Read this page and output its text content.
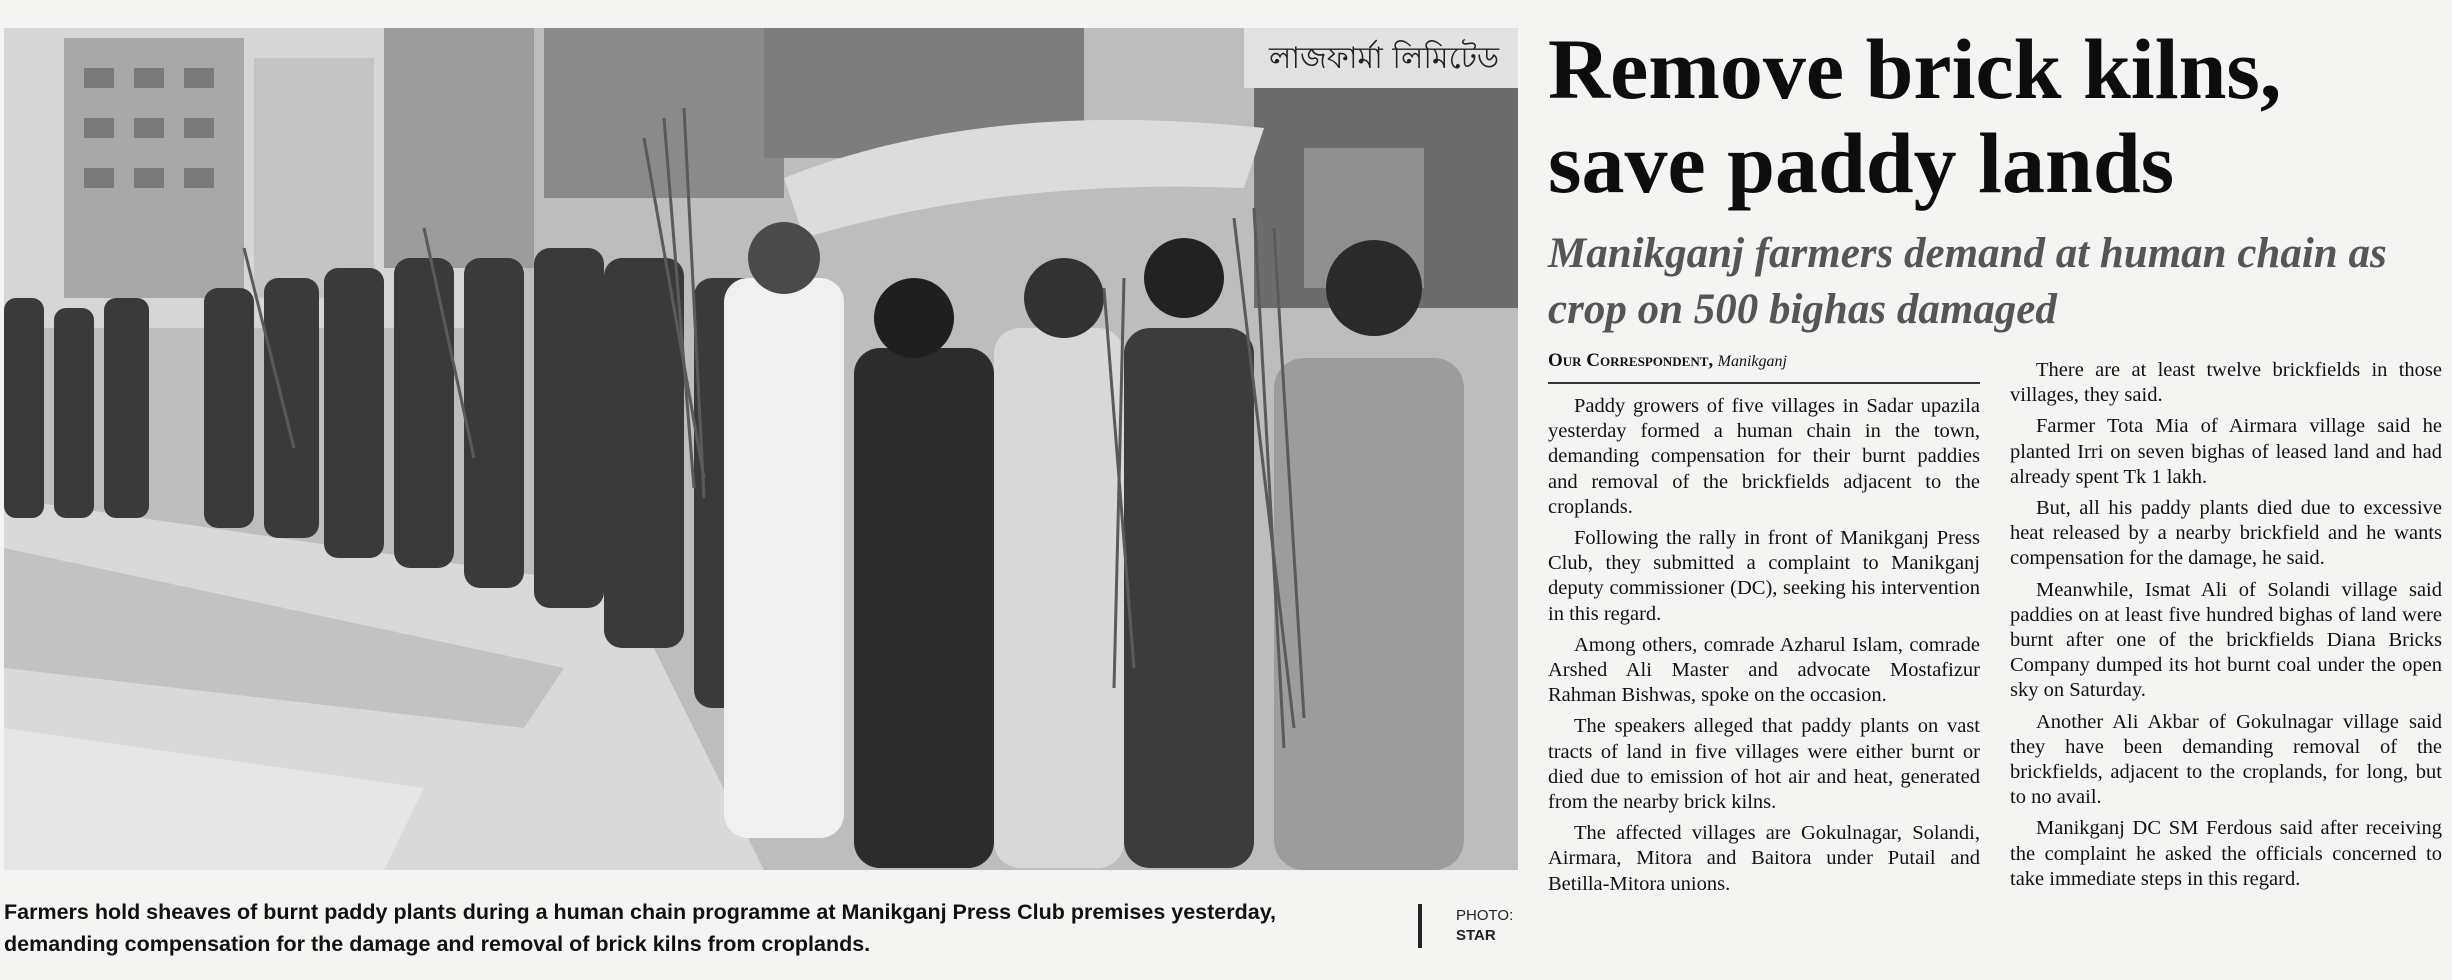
লাজফার্মা লিমিটেড
Farmers hold sheaves of burnt paddy plants during a human chain programme at Manikganj Press Club premises yesterday, demanding compensation for the damage and removal of brick kilns from croplands.
PHOTO:
STAR
Remove brick kilns, save paddy lands
Manikganj farmers demand at human chain as crop on 500 bighas damaged
Our Correspondent, Manikganj

Paddy growers of five villages in Sadar upazila yesterday formed a human chain in the town, demanding compensation for their burnt paddies and removal of the brickfields adjacent to the croplands.

Following the rally in front of Manikganj Press Club, they submitted a complaint to Manikganj deputy commissioner (DC), seeking his intervention in this regard.

Among others, comrade Azharul Islam, comrade Arshed Ali Master and advocate Mostafizur Rahman Bishwas, spoke on the occasion.

The speakers alleged that paddy plants on vast tracts of land in five villages were either burnt or died due to emission of hot air and heat, generated from the nearby brick kilns.

The affected villages are Gokulnagar, Solandi, Airmara, Mitora and Baitora under Putail and Betilla-Mitora unions.

There are at least twelve brickfields in those villages, they said.

Farmer Tota Mia of Airmara village said he planted Irri on seven bighas of leased land and had already spent Tk 1 lakh.

But, all his paddy plants died due to excessive heat released by a nearby brickfield and he wants compensation for the damage, he said.

Meanwhile, Ismat Ali of Solandi village said paddies on at least five hundred bighas of land were burnt after one of the brickfields Diana Bricks Company dumped its hot burnt coal under the open sky on Saturday.

Another Ali Akbar of Gokulnagar village said they have been demanding removal of the brickfields, adjacent to the croplands, for long, but to no avail.

Manikganj DC SM Ferdous said after receiving the complaint he asked the officials concerned to take immediate steps in this regard.
